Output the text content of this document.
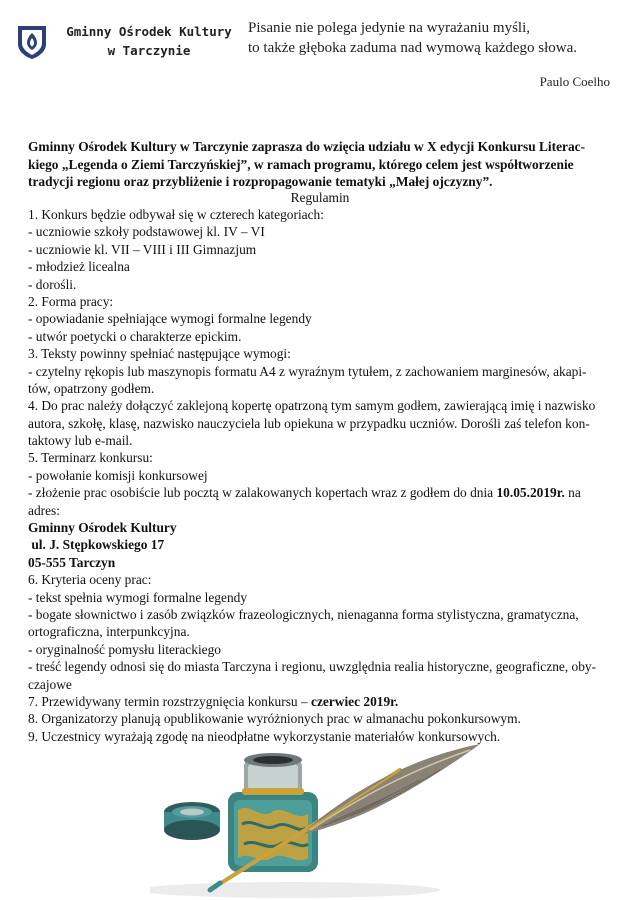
Gminny Ośrodek Kultury
w Tarczynie
Pisanie nie polega jedynie na wyrażaniu myśli,
to także głęboka zaduma nad wymową każdego słowa.
Paulo Coelho
Gminny Ośrodek Kultury w Tarczynie zaprasza do wzięcia udziału w X edycji Konkursu Literac-
kiego „Legenda o Ziemi Tarczyńskiej”, w ramach programu, którego celem jest współtworzenie
tradycji regionu oraz przybliżenie i rozpropagowanie tematyki „Małej ojczyzny”.
Regulamin
1. Konkurs będzie odbywał się w czterech kategoriach:
- uczniowie szkoły podstawowej kl. IV – VI
- uczniowie kl. VII – VIII i III Gimnazjum
- młodzież licealna
- dorośli.
2. Forma pracy:
- opowiadanie spełniające wymogi formalne legendy
- utwór poetycki o charakterze epickim.
3. Teksty powinny spełniać następujące wymogi:
- czytelny rękopis lub maszynopis formatu A4 z wyraźnym tytułem, z zachowaniem marginesów, akapi-
tów, opatrzony godłem.
4. Do prac należy dołączyć zaklejoną kopertę opatrzoną tym samym godłem, zawierającą imię i nazwisko
autora, szkołę, klasę, nazwisko nauczyciela lub opiekuna w przypadku uczniów. Dorośli zaś telefon kon-
taktowy lub e-mail.
5. Terminarz konkursu:
- powołanie komisji konkursowej
- złożenie prac osobiście lub pocztą w zalakowanych kopertach wraz z godłem do dnia 10.05.2019r. na
adres:
Gminny Ośrodek Kultury
ul. J. Stępkowskiego 17
05-555 Tarczyn
6. Kryteria oceny prac:
- tekst spełnia wymogi formalne legendy
- bogate słownictwo i zasób związków frazeologicznych, nienaganna forma stylistyczna, gramatyczna,
ortograficzna, interpunkcyjna.
- oryginalność pomysłu literackiego
- treść legendy odnosi się do miasta Tarczyna i regionu, uwzględnia realia historyczne, geograficzne, oby-
czajowe
7. Przewidywany termin rozstrzygnięcia konkursu – czerwiec 2019r.
8. Organizatorzy planują opublikowanie wyróżnionych prac w almanachu pokonkursowym.
9. Uczestnicy wyrażają zgodę na nieodpłatne wykorzystanie materiałów konkursowych.
